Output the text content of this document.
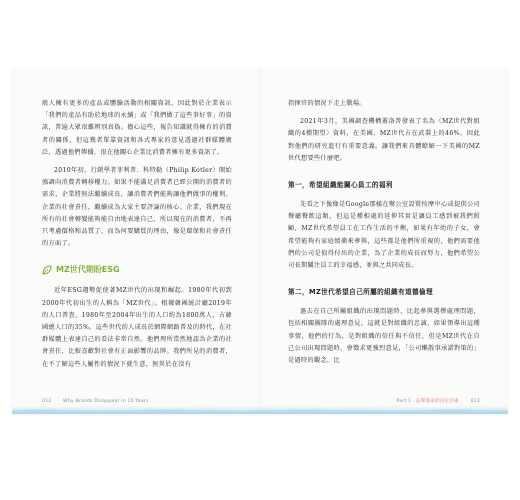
般人擁有更多的產品或體驗活動的相關資訊，因此對於企業表示「我們的產品有助於地球的永續」或「我們做了這些事好事」的資訊，普遍大眾很難辨別真偽。擔心這些，報告知識就得擁有的消費者的關係，但這幾者單靠資訊和各式專家的意見透過社群媒體廣泛，透過他們傳播，很在他關心企業比消費者擁有更多資訊了。

2010年初，行銷學者菲利普．科特勒（Philip Kotler）開始強調向消費者轉移權力。如果不能滿足消費者已經公開的消費者的需求，企業將無法繼續成長，讓消費者們能夠讓他們做事的權利。企業的社會責任，繼續成為大家主要評論的核心。企業，我們現在所有的社會轉變能夠能自由地表達自己，所以現在的消費者，不再只考慮價格和品質了，而為何要購買的理由，像是環保和社會責任的方面了。

MZ世代期盼ESG

近年ESG趨勢促使著MZ世代的出現和崛起。1980年代初到2000年代初出生的人稱為「MZ世代」。根據韓國統計廳2019年的人口普查，1980年至2004年出生的人口約為1800萬人，占韓國總人口的35%。這些世代的人成長於網際網路普及的時代，在社群媒體上表達自己的看法非常自然。他們理所當然地認為企業的社會責任，比較喜歡對社會有正面影響的品牌。我們所見的消費者，在不了解這些人屬性的情況下就生意，無異於在沒有

012	Why Brands Disappear in 10 Years

指揮官的情況下走上戰場。

2021年3月，美國調查機構蓋洛普發表了名為〈MZ世代對組織的4種期望〉資料，在美國，MZ世代占在武裝上的46%，因此對他們的研究進行有重要意義。讓我們來具體瞭解一下美國的MZ世代想要些什麼吧。

第一，希望組織能關心員工的福利

先看之下像像是Google那樣在辦公室設置按摩中心或提供公司餐廳餐飲這類，但這是種相處的延伸其實是讓員工感到被我們照顧，MZ世代希望員工在工作生活的平衡，如果有年幼的子女，會希望能夠有家庭緩衝來參與，這些都是他們所重視的，他們需要他們的公司是值得付出的企業，為了企業的成長而努力，他們希望公司長期關注員工的幸福感，並與之共同成長。

第二，MZ世代希望自己所屬的組織有道德倫理

過去在自己所屬組織的出現問題時，比起參與選擇處理問題，包括相關團隊的處理意見，這就是對組織的忠誠，如果領導出這種事情，他們的行為，是對組織的信任與不信任，但是MZ世代在自己公司出現問題時，會徵求更強烈意見，「公司懶散事承諾對策的」是過時的觀念，比

Part 1 品牌壽命的決定因素	013
